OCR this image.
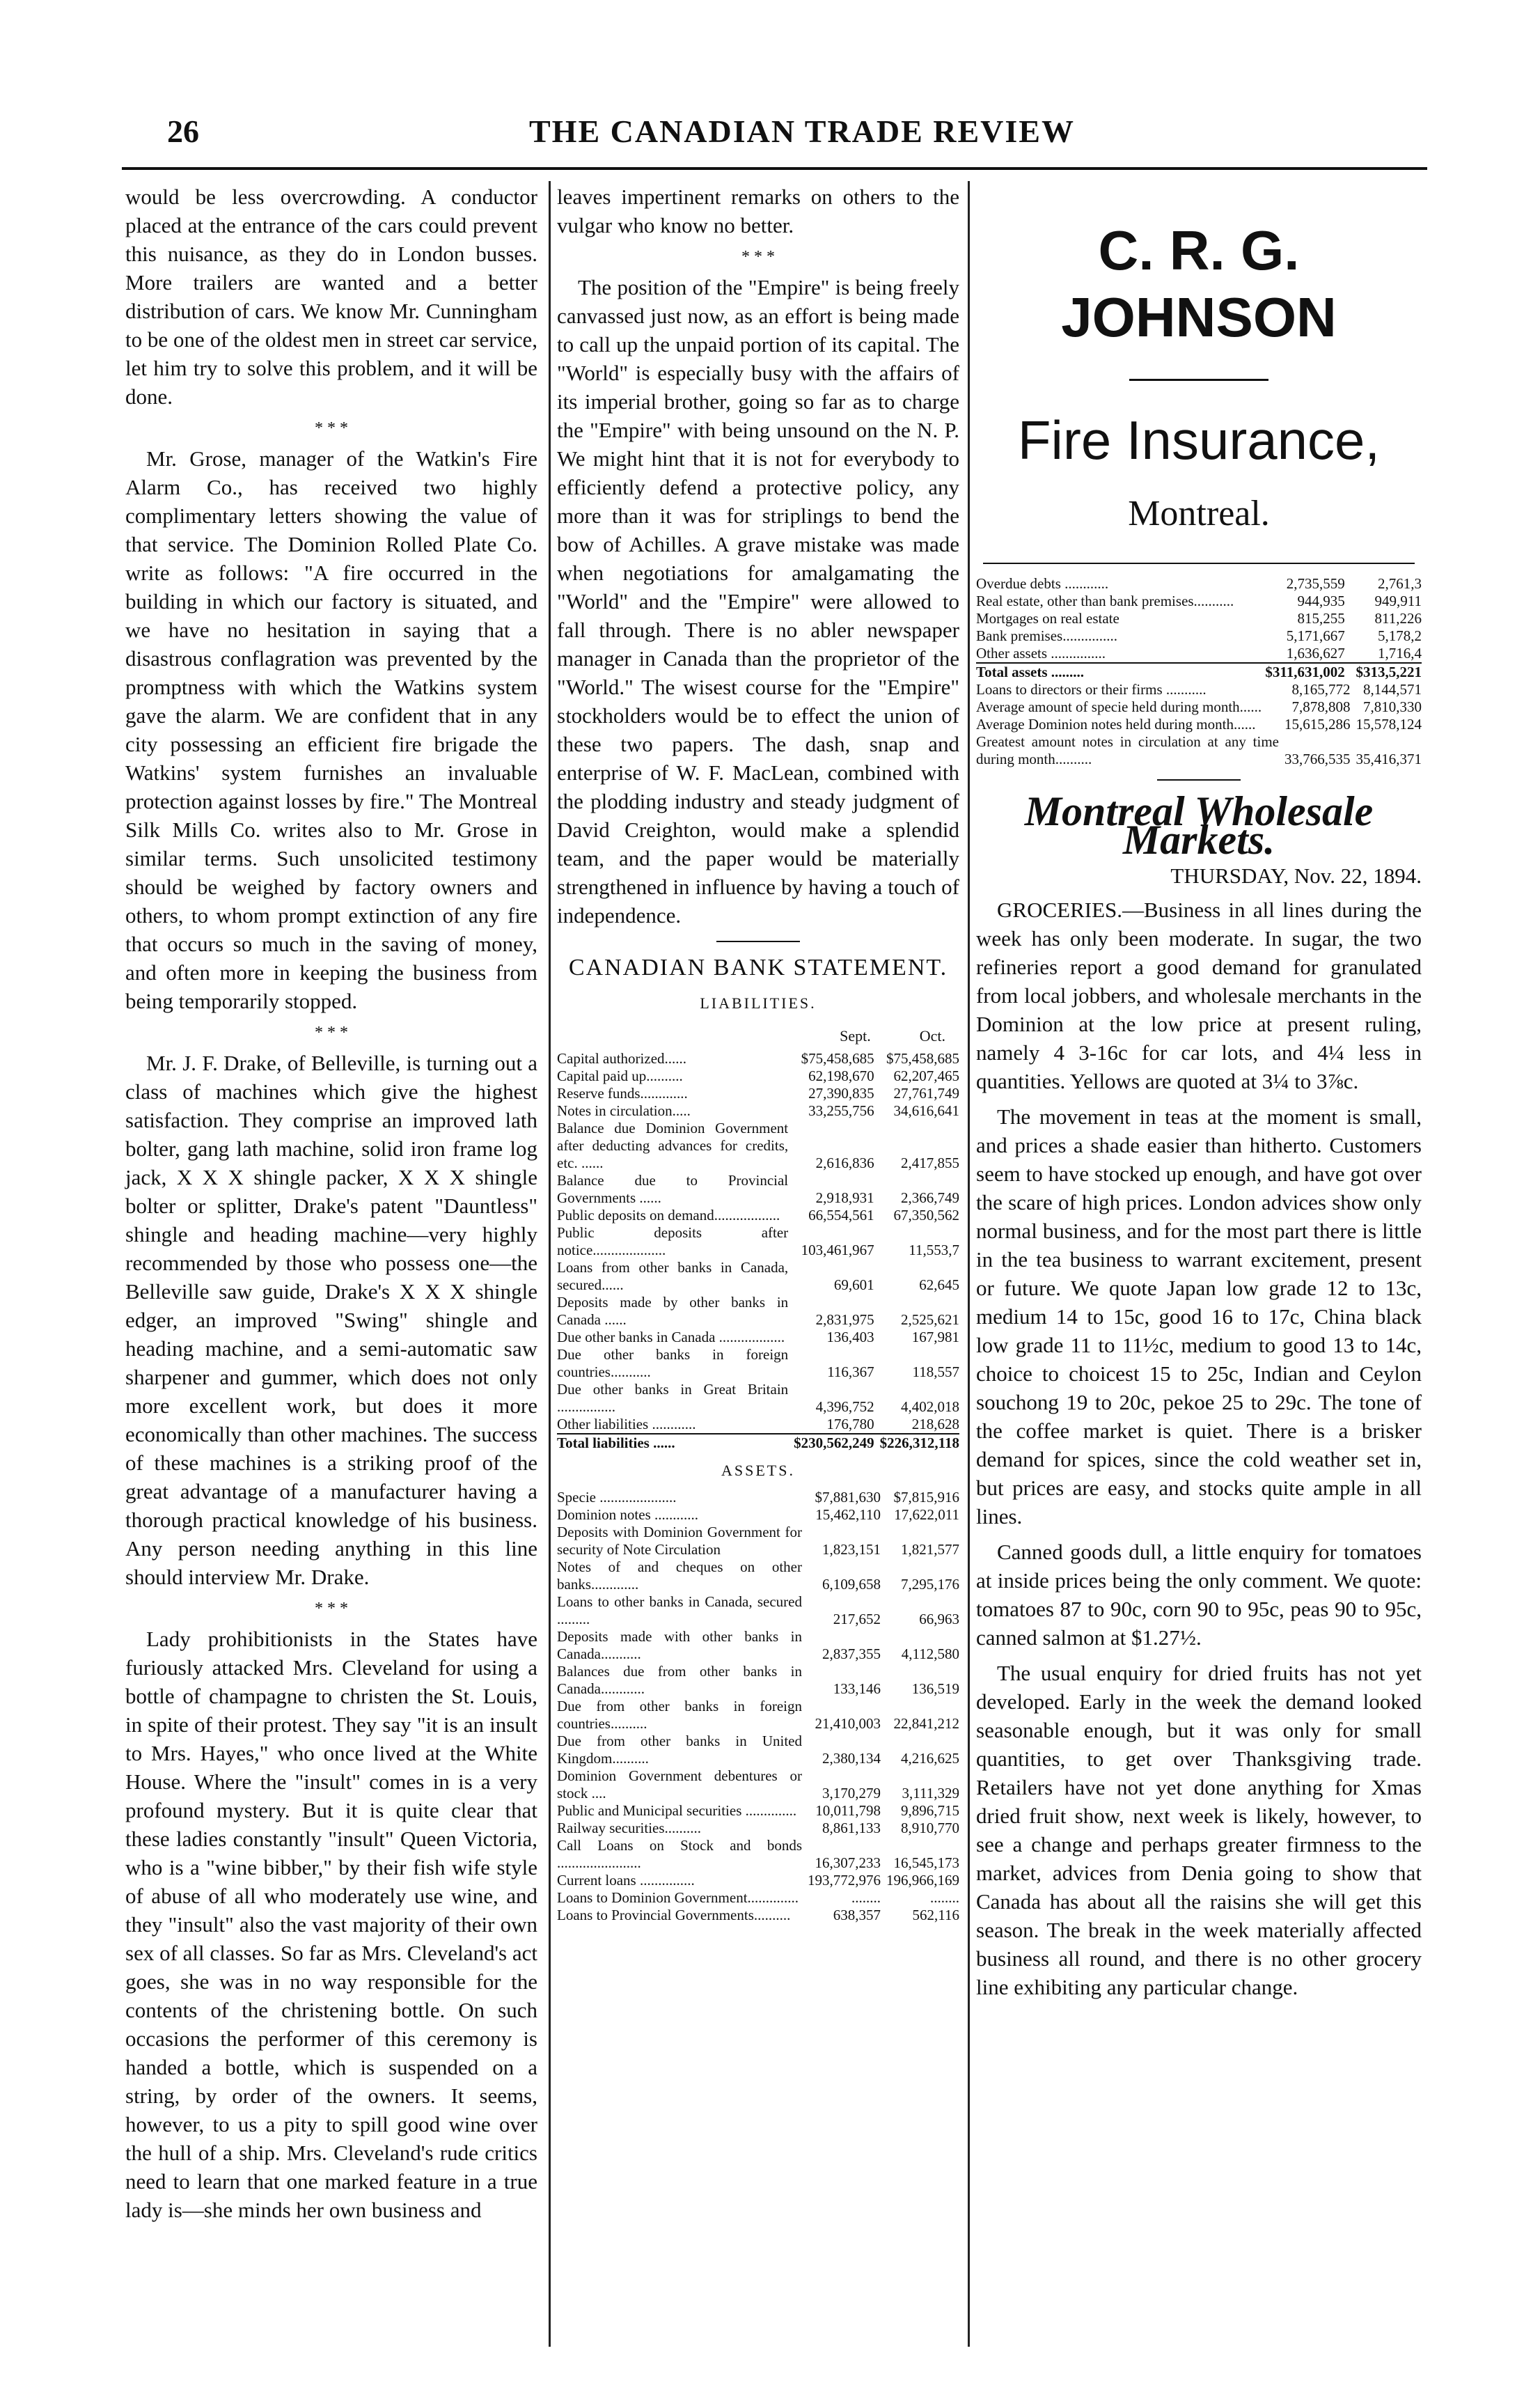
26	THE CANADIAN TRADE REVIEW

would be less overcrowding. A conductor placed at the entrance of the cars could prevent this nuisance, as they do in London busses. More trailers are wanted and a better distribution of cars. We know Mr. Cunningham to be one of the oldest men in street car service, let him try to solve this problem, and it will be done.

* * *

Mr. Grose, manager of the Watkin's Fire Alarm Co., has received two highly complimentary letters showing the value of that service. The Dominion Rolled Plate Co. write as follows: "A fire occurred in the building in which our factory is situated, and we have no hesitation in saying that a disastrous conflagration was prevented by the promptness with which the Watkins system gave the alarm. We are confident that in any city possessing an efficient fire brigade the Watkins' system furnishes an invaluable protection against losses by fire." The Montreal Silk Mills Co. writes also to Mr. Grose in similar terms. Such unsolicited testimony should be weighed by factory owners and others, to whom prompt extinction of any fire that occurs so much in the saving of money, and often more in keeping the business from being temporarily stopped.

* * *

Mr. J. F. Drake, of Belleville, is turning out a class of machines which give the highest satisfaction. They comprise an improved lath bolter, gang lath machine, solid iron frame log jack, X X X shingle packer, X X X shingle bolter or splitter, Drake's patent "Dauntless" shingle and heading machine—very highly recommended by those who possess one—the Belleville saw guide, Drake's X X X shingle edger, an improved "Swing" shingle and heading machine, and a semi-automatic saw sharpener and gummer, which does not only more excellent work, but does it more economically than other machines. The success of these machines is a striking proof of the great advantage of a manufacturer having a thorough practical knowledge of his business. Any person needing anything in this line should interview Mr. Drake.

* * *

Lady prohibitionists in the States have furiously attacked Mrs. Cleveland for using a bottle of champagne to christen the St. Louis, in spite of their protest. They say "it is an insult to Mrs. Hayes," who once lived at the White House. Where the "insult" comes in is a very profound mystery. But it is quite clear that these ladies constantly "insult" Queen Victoria, who is a "wine bibber," by their fish wife style of abuse of all who moderately use wine, and they "insult" also the vast majority of their own sex of all classes. So far as Mrs. Cleveland's act goes, she was in no way responsible for the contents of the christening bottle. On such occasions the performer of this ceremony is handed a bottle, which is suspended on a string, by order of the owners. It seems, however, to us a pity to spill good wine over the hull of a ship. Mrs. Cleveland's rude critics need to learn that one marked feature in a true lady is—she minds her own business and

leaves impertinent remarks on others to the vulgar who know no better.

* * *

The position of the "Empire" is being freely canvassed just now, as an effort is being made to call up the unpaid portion of its capital. The "World" is especially busy with the affairs of its imperial brother, going so far as to charge the "Empire" with being unsound on the N. P. We might hint that it is not for everybody to efficiently defend a protective policy, any more than it was for striplings to bend the bow of Achilles. A grave mistake was made when negotiations for amalgamating the "World" and the "Empire" were allowed to fall through. There is no abler newspaper manager in Canada than the proprietor of the "World." The wisest course for the "Empire" stockholders would be to effect the union of these two papers. The dash, snap and enterprise of W. F. MacLean, combined with the plodding industry and steady judgment of David Creighton, would make a splendid team, and the paper would be materially strengthened in influence by having a touch of independence.

CANADIAN BANK STATEMENT.
LIABILITIES.
Sept.	Oct.
Capital authorized......	$75,458,685	$75,458,685
Capital paid up..........	62,198,670	62,207,465
Reserve funds.............	27,390,835	27,761,749
Notes in circulation.....	33,255,756	34,616,641
Balance due Dominion Government after deducting advances for credits, etc. ......	2,616,836	2,417,855
Balance due to Provincial Governments ......	2,918,931	2,366,749
Public deposits on demand..................	66,554,561	67,350,562
Public deposits after notice....................	103,461,967	11,553,7
Loans from other banks in Canada, secured......	69,601	62,645
Deposits made by other banks in Canada ......	2,831,975	2,525,621
Due other banks in Canada ..................	136,403	167,981
Due other banks in foreign countries...........	116,367	118,557
Due other banks in Great Britain ................	4,396,752	4,402,018
Other liabilities ............	176,780	218,628
Total liabilities ......	$230,562,249	$226,312,118
ASSETS.
Specie .....................	$7,881,630	$7,815,916
Dominion notes ............	15,462,110	17,622,011
Deposits with Dominion Government for security of Note Circulation	1,823,151	1,821,577
Notes of and cheques on other banks.............	6,109,658	7,295,176
Loans to other banks in Canada, secured .........	217,652	66,963
Deposits made with other banks in Canada...........	2,837,355	4,112,580
Balances due from other banks in Canada............	133,146	136,519
Due from other banks in foreign countries..........	21,410,003	22,841,212
Due from other banks in United Kingdom..........	2,380,134	4,216,625
Dominion Government debentures or stock ....	3,170,279	3,111,329
Public and Municipal securities ..............	10,011,798	9,896,715
Railway securities..........	8,861,133	8,910,770
Call Loans on Stock and bonds .......................	16,307,233	16,545,173
Current loans ...............	193,772,976	196,966,169
Loans to Dominion Government..............	........	........
Loans to Provincial Governments..........	638,357	562,116
C. R. G. JOHNSON
Fire Insurance,
Montreal.
Overdue debts ............	2,735,559	2,761,3
Real estate, other than bank premises...........	944,935	949,911
Mortgages on real estate	815,255	811,226
Bank premises...............	5,171,667	5,178,2
Other assets ...............	1,636,627	1,716,4
Total assets .........	$311,631,002	$313,5,221
Loans to directors or their firms ...........	8,165,772	8,144,571
Average amount of specie held during month......	7,878,808	7,810,330
Average Dominion notes held during month......	15,615,286	15,578,124
Greatest amount notes in circulation at any time during month..........	33,766,535	35,416,371
Montreal Wholesale Markets.
THURSDAY, Nov. 22, 1894.

GROCERIES.—Business in all lines during the week has only been moderate. In sugar, the two refineries report a good demand for granulated from local jobbers, and wholesale merchants in the Dominion at the low price at present ruling, namely 4 3-16c for car lots, and 4¼ less in quantities. Yellows are quoted at 3¼ to 3⅞c.

The movement in teas at the moment is small, and prices a shade easier than hitherto. Customers seem to have stocked up enough, and have got over the scare of high prices. London advices show only normal business, and for the most part there is little in the tea business to warrant excitement, present or future. We quote Japan low grade 12 to 13c, medium 14 to 15c, good 16 to 17c, China black low grade 11 to 11½c, medium to good 13 to 14c, choice to choicest 15 to 25c, Indian and Ceylon souchong 19 to 20c, pekoe 25 to 29c. The tone of the coffee market is quiet. There is a brisker demand for spices, since the cold weather set in, but prices are easy, and stocks quite ample in all lines.

Canned goods dull, a little enquiry for tomatoes at inside prices being the only comment. We quote: tomatoes 87 to 90c, corn 90 to 95c, peas 90 to 95c, canned salmon at $1.27½.

The usual enquiry for dried fruits has not yet developed. Early in the week the demand looked seasonable enough, but it was only for small quantities, to get over Thanksgiving trade. Retailers have not yet done anything for Xmas dried fruit show, next week is likely, however, to see a change and perhaps greater firmness to the market, advices from Denia going to show that Canada has about all the raisins she will get this season. The break in the week materially affected business all round, and there is no other grocery line exhibiting any particular change.
